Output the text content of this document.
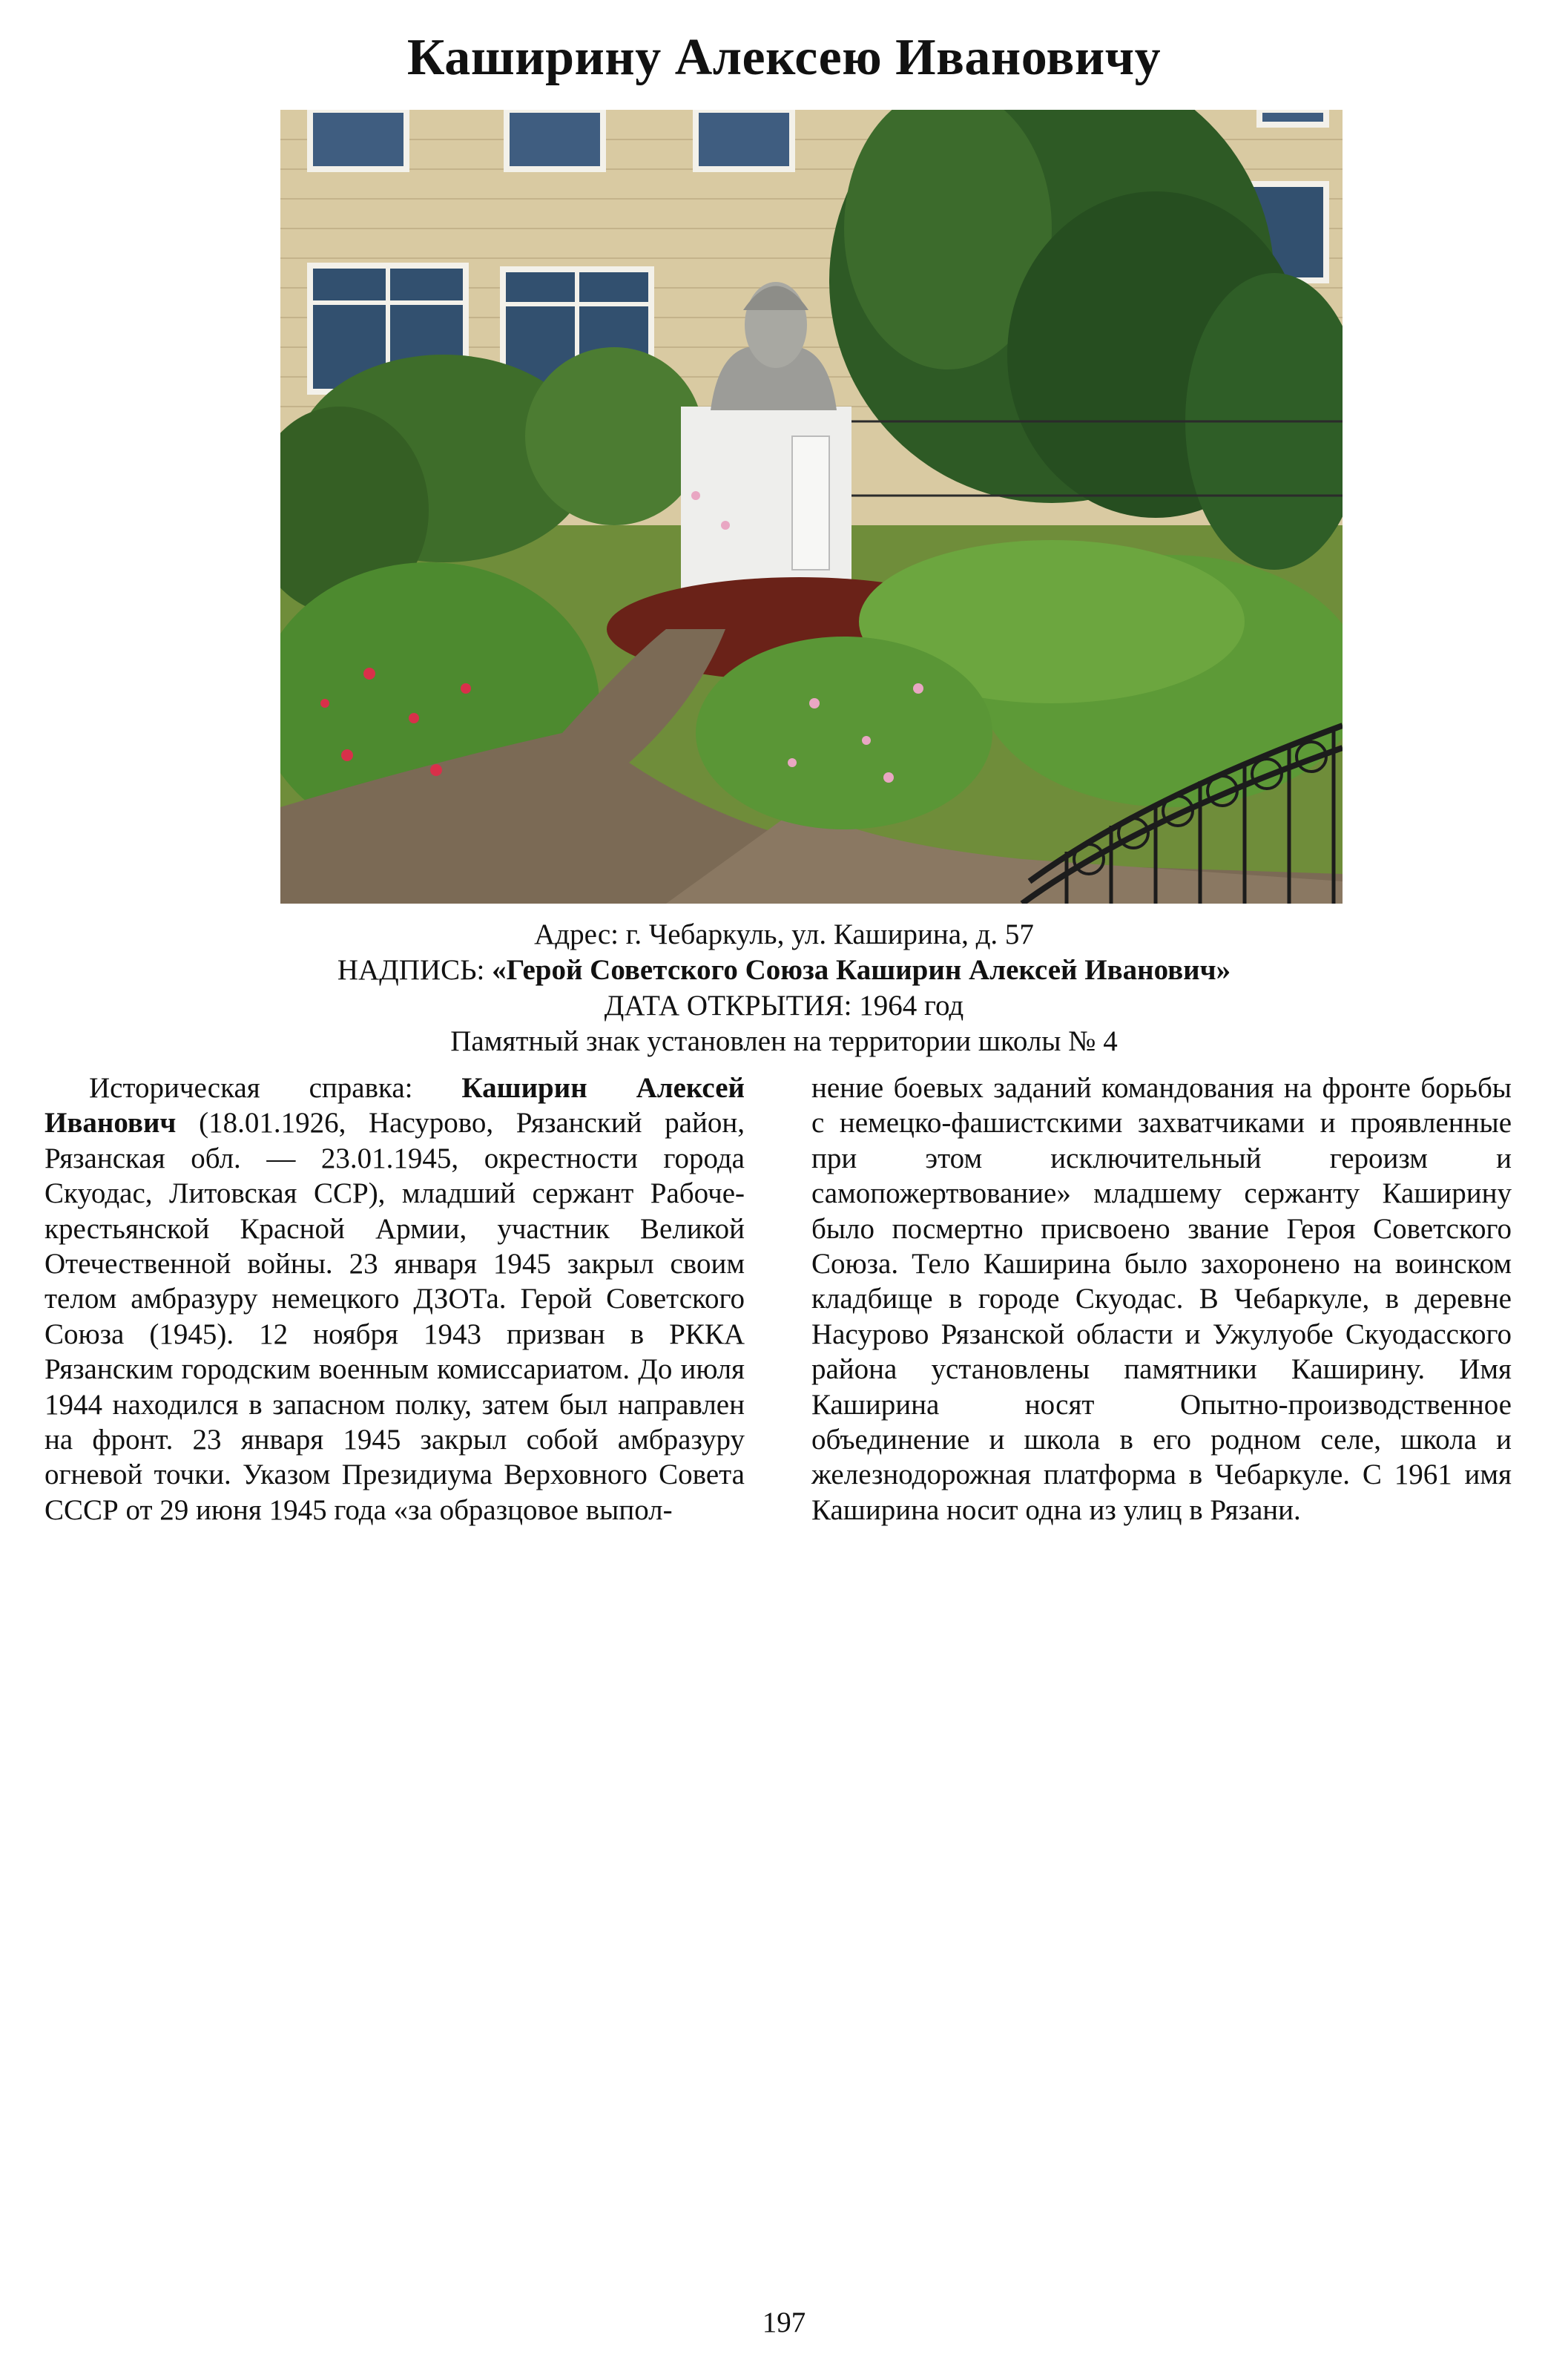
Каширину Алексею Ивановичу
Адрес: г. Чебаркуль, ул. Каширина, д. 57
НАДПИСЬ: «Герой Советского Союза Каширин Алексей Иванович»
ДАТА ОТКРЫТИЯ: 1964 год
Памятный знак установлен на территории школы № 4

Историческая справка: Каширин Алексей Иванович (18.01.1926, Насурово, Рязанский район, Рязанская обл. — 23.01.1945, окрестности города Скуодас, Литовская ССР), младший сержант Рабоче-крестьянской Красной Армии, участник Великой Отечественной войны. 23 января 1945 закрыл своим телом амбразуру немецкого ДЗОТа. Герой Советского Союза (1945). 12 ноября 1943 призван в РККА Рязанским городским военным комиссариатом. До июля 1944 находился в запасном полку, затем был направлен на фронт. 23 января 1945 закрыл собой амбразуру огневой точки. Указом Президиума Верховного Совета СССР от 29 июня 1945 года «за образцовое выпол-

нение боевых заданий командования на фронте борьбы с немецко-фашистскими захватчиками и проявленные при этом исключительный героизм и самопожертвование» младшему сержанту Каширину было посмертно присвоено звание Героя Советского Союза. Тело Каширина было захоронено на воинском кладбище в городе Скуодас. В Чебаркуле, в деревне Насурово Рязанской области и Ужулуобе Скуодасского района установлены памятники Каширину. Имя Каширина носят Опытно-производственное объединение и школа в его родном селе, школа и железнодорожная платформа в Чебаркуле. С 1961 имя Каширина носит одна из улиц в Рязани.

197
